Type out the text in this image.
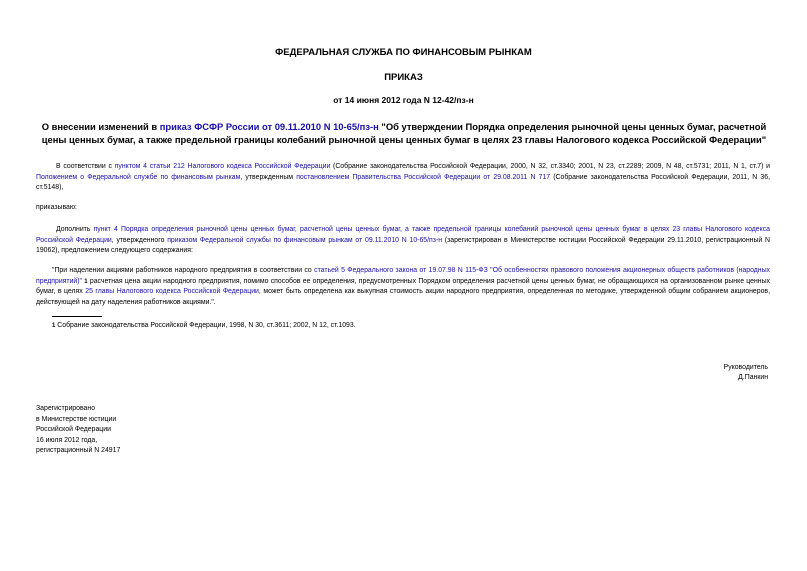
ФЕДЕРАЛЬНАЯ СЛУЖБА ПО ФИНАНСОВЫМ РЫНКАМ
ПРИКАЗ
от 14 июня 2012 года N 12-42/пз-н
О внесении изменений в приказ ФСФР России от 09.11.2010 N 10-65/пз-н "Об утверждении Порядка определения рыночной цены ценных бумаг, расчетной цены ценных бумаг, а также предельной границы колебаний рыночной цены ценных бумаг в целях 23 главы Налогового кодекса Российской Федерации"
В соответствии с пунктом 4 статьи 212 Налогового кодекса Российской Федерации (Собрание законодательства Российской Федерации, 2000, N 32, ст.3340; 2001, N 23, ст.2289; 2009, N 48, ст.5731; 2011, N 1, ст.7) и Положением о Федеральной службе по финансовым рынкам, утвержденным постановлением Правительства Российской Федерации от 29.08.2011 N 717 (Собрание законодательства Российской Федерации, 2011, N 36, ст.5148),
приказываю:
Дополнить пункт 4 Порядка определения рыночной цены ценных бумаг, расчетной цены ценных бумаг, а также предельной границы колебаний рыночной цены ценных бумаг в целях 23 главы Налогового кодекса Российской Федерации, утвержденного приказом Федеральной службы по финансовым рынкам от 09.11.2010 N 10-65/пз-н (зарегистрирован в Министерстве юстиции Российской Федерации 29.11.2010, регистрационный N 19062), предложением следующего содержания:
"При наделении акциями работников народного предприятия в соответствии со статьей 5 Федерального закона от 19.07.98 N 115-ФЗ "Об особенностях правового положения акционерных обществ работников (народных предприятий)" 1 расчетная цена акции народного предприятия, помимо способов ее определения, предусмотренных Порядком определения расчетной цены ценных бумаг, не обращающихся на организованном рынке ценных бумаг, в целях 25 главы Налогового кодекса Российской Федерации, может быть определена как выкупная стоимость акции народного предприятия, определенная по методике, утвержденной общим собранием акционеров, действующей на дату наделения работников акциями.".
1 Собрание законодательства Российской Федерации, 1998, N 30, ст.3611; 2002, N 12, ст.1093.
Руководитель
Д.Панкин
Зарегистрировано
в Министерстве юстиции
Российской Федерации
16 июля 2012 года,
регистрационный N 24917
